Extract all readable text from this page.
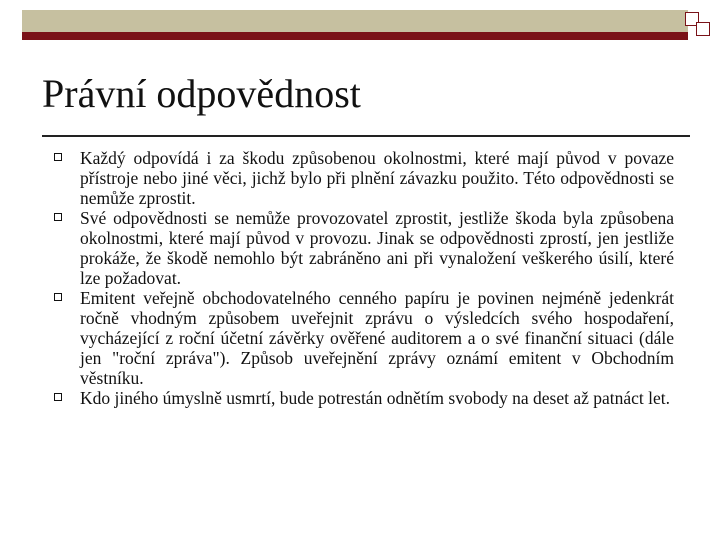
Právní odpovědnost
Každý odpovídá i za škodu způsobenou okolnostmi, které mají původ v povaze přístroje nebo jiné věci, jichž bylo při plnění závazku použito. Této odpovědnosti se nemůže zprostit.
Své odpovědnosti se nemůže provozovatel zprostit, jestliže škoda byla způsobena okolnostmi, které mají původ v provozu. Jinak se odpovědnosti zprostí, jen jestliže prokáže, že škodě nemohlo být zabráněno ani při vynaložení veškerého úsilí, které lze požadovat.
Emitent veřejně obchodovatelného cenného papíru je povinen nejméně jedenkrát ročně vhodným způsobem uveřejnit zprávu o výsledcích svého hospodaření, vycházející z roční účetní závěrky ověřené auditorem a o své finanční situaci (dále jen "roční zpráva"). Způsob uveřejnění zprávy oznámí emitent v Obchodním věstníku.
Kdo jiného úmyslně usmrtí, bude potrestán odnětím svobody na deset až patnáct let.
